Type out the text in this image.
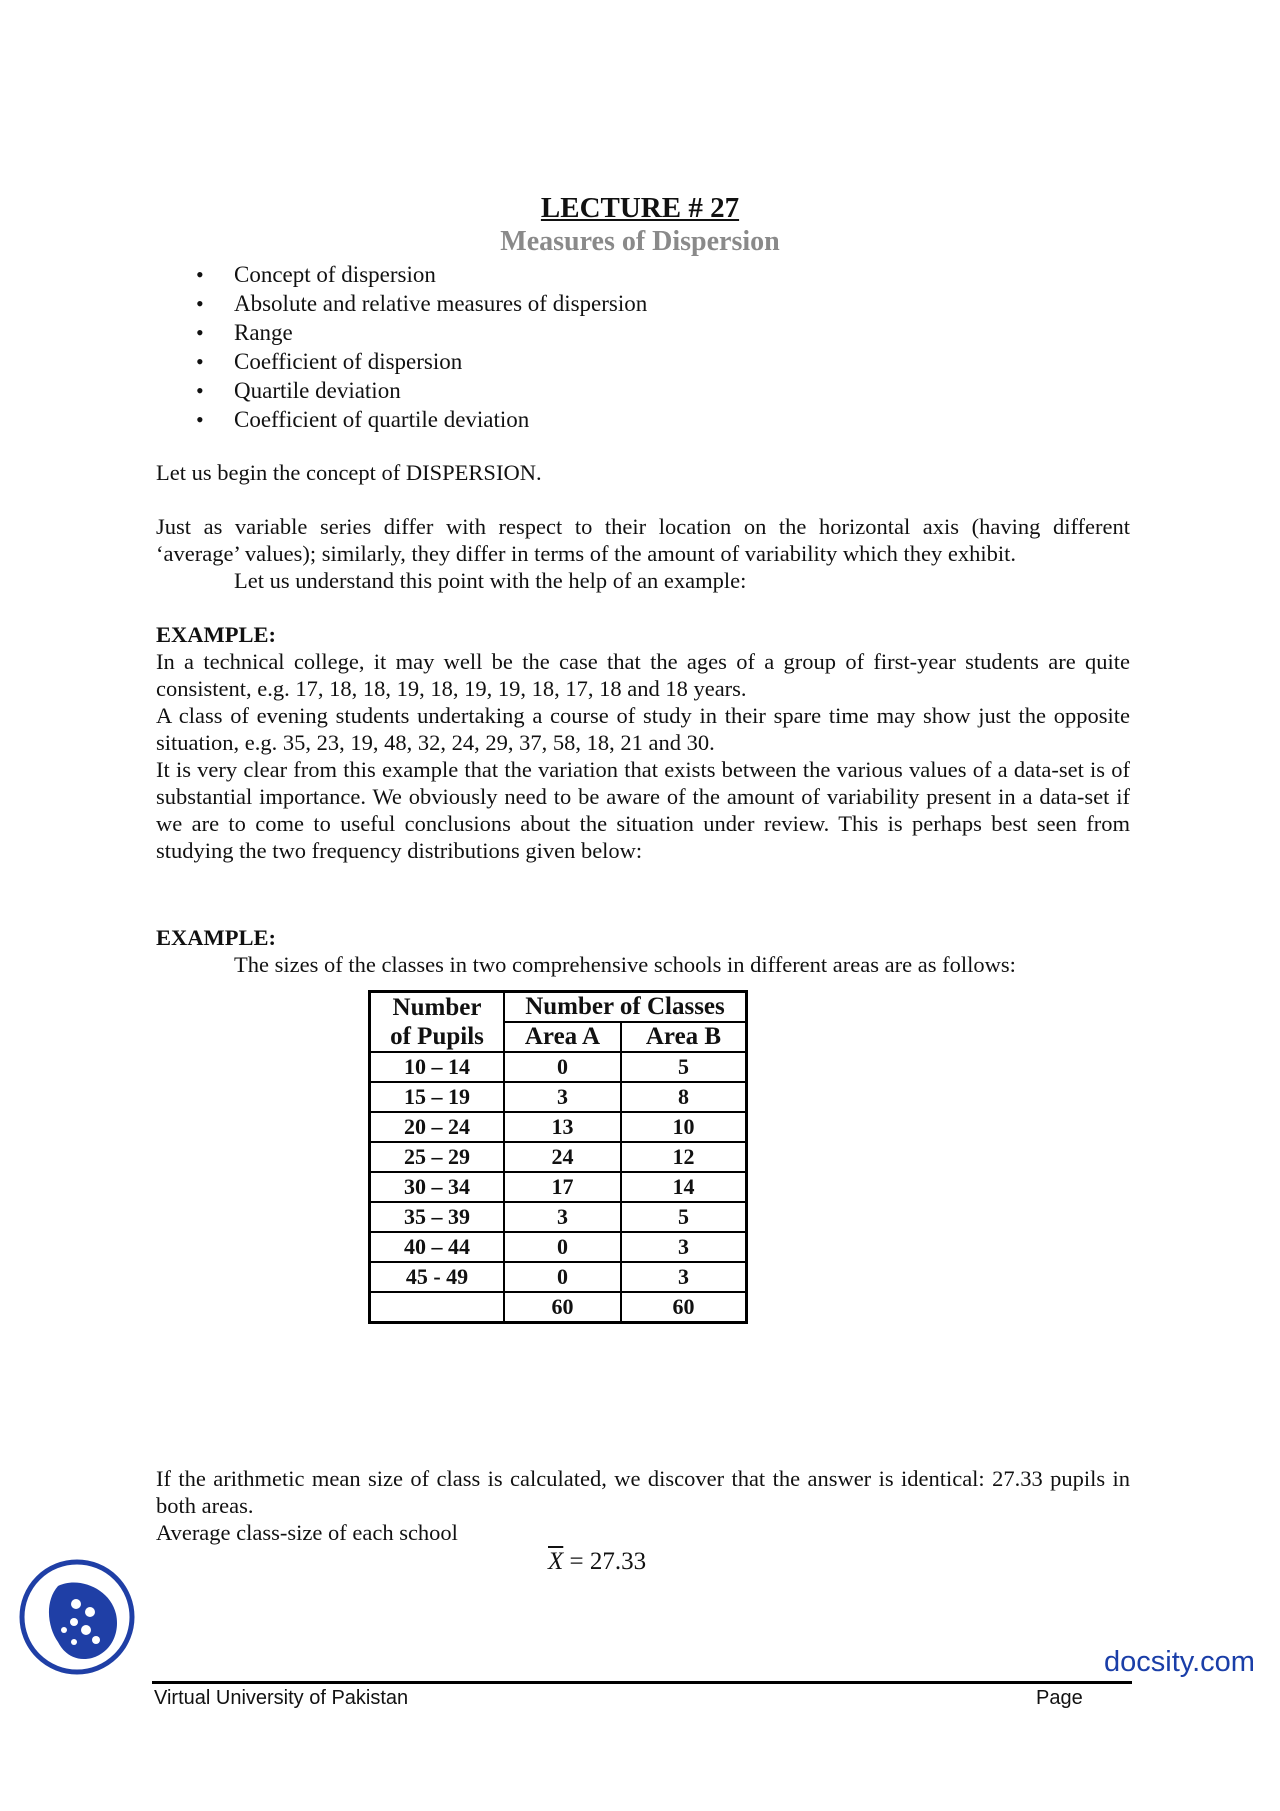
LECTURE # 27
Measures of Dispersion
• Concept of dispersion
• Absolute and relative measures of dispersion
• Range
• Coefficient of dispersion
• Quartile deviation
• Coefficient of quartile deviation

Let us begin the concept of DISPERSION.

Just as variable series differ with respect to their location on the horizontal axis (having different
‘average’ values); similarly, they differ in terms of the amount of variability which they exhibit.
Let us understand this point with the help of an example:
EXAMPLE:
In a technical college, it may well be the case that the ages of a group of first-year students are quite consistent, e.g. 17, 18, 18, 19, 18, 19, 19, 18, 17, 18 and 18 years.
A class of evening students undertaking a course of study in their spare time may show just the opposite situation, e.g. 35, 23, 19, 48, 32, 24, 29, 37, 58, 18, 21 and 30.
It is very clear from this example that the variation that exists between the various values of a data-set is of substantial importance. We obviously need to be aware of the amount of variability present in a data-set if we are to come to useful conclusions about the situation under review. This is perhaps best seen from studying the two frequency distributions given below:
EXAMPLE:
The sizes of the classes in two comprehensive schools in different areas are as follows:
Number
of Pupils	Number of Classes	
	Area A	Area B
10 – 14	0	5
15 – 19	3	8
20 – 24	13	10
25 – 29	24	12
30 – 34	17	14
35 – 39	3	5
40 – 44	0	3
45 - 49	0	3
	60	60
If the arithmetic mean size of class is calculated, we discover that the answer is identical: 27.33 pupils in both areas.
Average class-size of each school
$\overline{X} = 27.33$
docsity.com
Virtual University of Pakistan	Page
